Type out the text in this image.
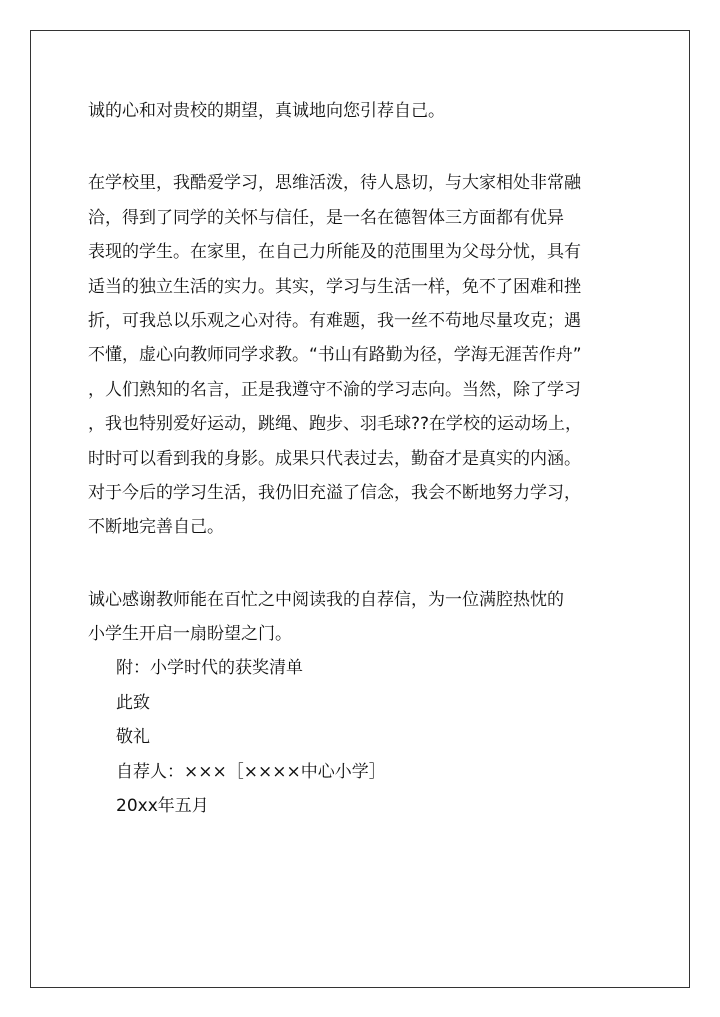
诚的心和对贵校的期望，真诚地向您引荐自己。
在学校里，我酷爱学习，思维活泼，待人恳切，与大家相处非常融
洽，得到了同学的关怀与信任，是一名在德智体三方面都有优异
表现的学生。在家里，在自己力所能及的范围里为父母分忧，具有
适当的独立生活的实力。其实，学习与生活一样，免不了困难和挫
折，可我总以乐观之心对待。有难题，我一丝不苟地尽量攻克；遇
不懂，虚心向教师同学求教。“书山有路勤为径，学海无涯苦作舟”
，人们熟知的名言，正是我遵守不渝的学习志向。当然，除了学习
，我也特别爱好运动，跳绳、跑步、羽毛球??在学校的运动场上，
时时可以看到我的身影。成果只代表过去，勤奋才是真实的内涵。
对于今后的学习生活，我仍旧充溢了信念，我会不断地努力学习，
不断地完善自己。
诚心感谢教师能在百忙之中阅读我的自荐信，为一位满腔热忱的
小学生开启一扇盼望之门。
附：小学时代的获奖清单
此致
敬礼
自荐人：×××［××××中心小学］
20xx年五月
